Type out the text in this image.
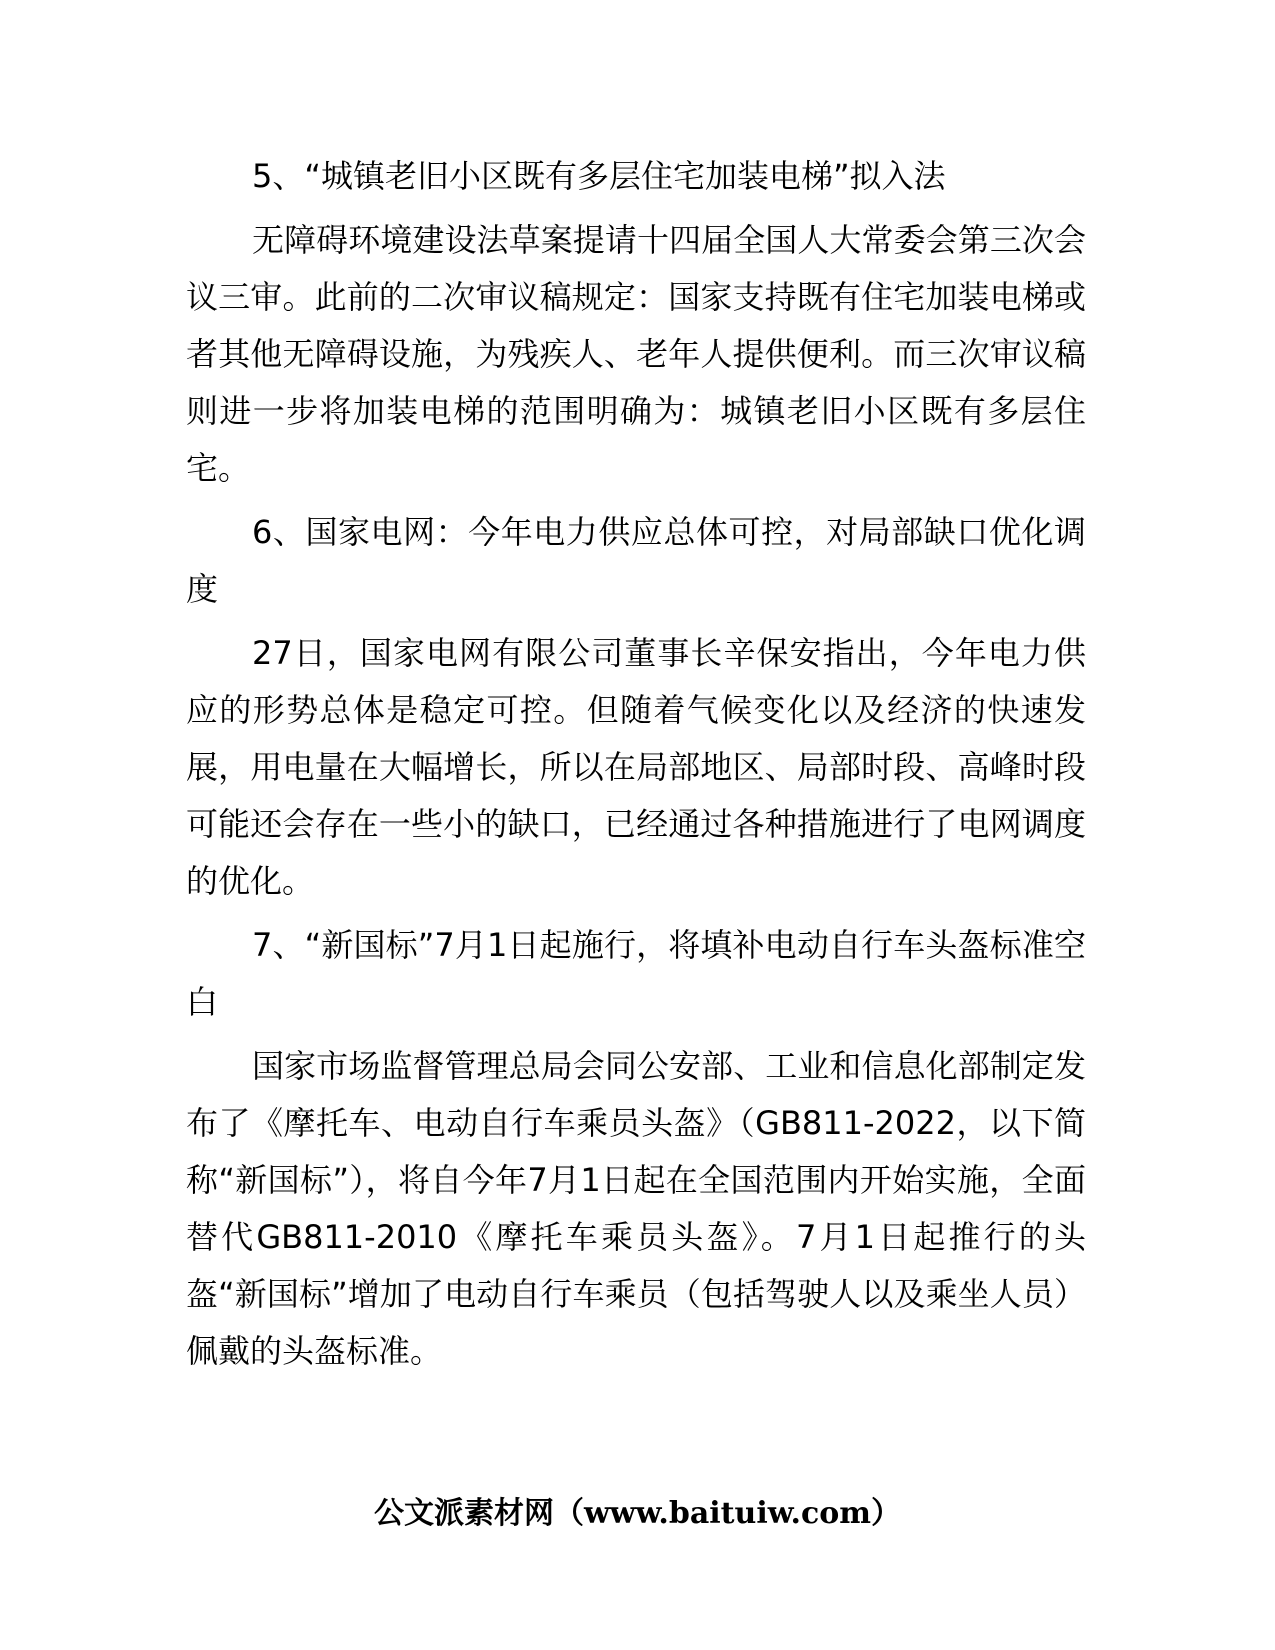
5、“城镇老旧小区既有多层住宅加装电梯”拟入法

无障碍环境建设法草案提请十四届全国人大常委会第三次会议三审。此前的二次审议稿规定：国家支持既有住宅加装电梯或者其他无障碍设施，为残疾人、老年人提供便利。而三次审议稿则进一步将加装电梯的范围明确为：城镇老旧小区既有多层住宅。

6、国家电网：今年电力供应总体可控，对局部缺口优化调度

27日，国家电网有限公司董事长辛保安指出，今年电力供应的形势总体是稳定可控。但随着气候变化以及经济的快速发展，用电量在大幅增长，所以在局部地区、局部时段、高峰时段可能还会存在一些小的缺口，已经通过各种措施进行了电网调度的优化。

7、“新国标”7月1日起施行，将填补电动自行车头盔标准空白

国家市场监督管理总局会同公安部、工业和信息化部制定发布了《摩托车、电动自行车乘员头盔》（GB811-2022，以下简称“新国标”），将自今年7月1日起在全国范围内开始实施，全面替代GB811-2010《摩托车乘员头盔》。7月1日起推行的头盔“新国标”增加了电动自行车乘员（包括驾驶人以及乘坐人员）佩戴的头盔标准。

公文派素材网（www.baituiw.com）
